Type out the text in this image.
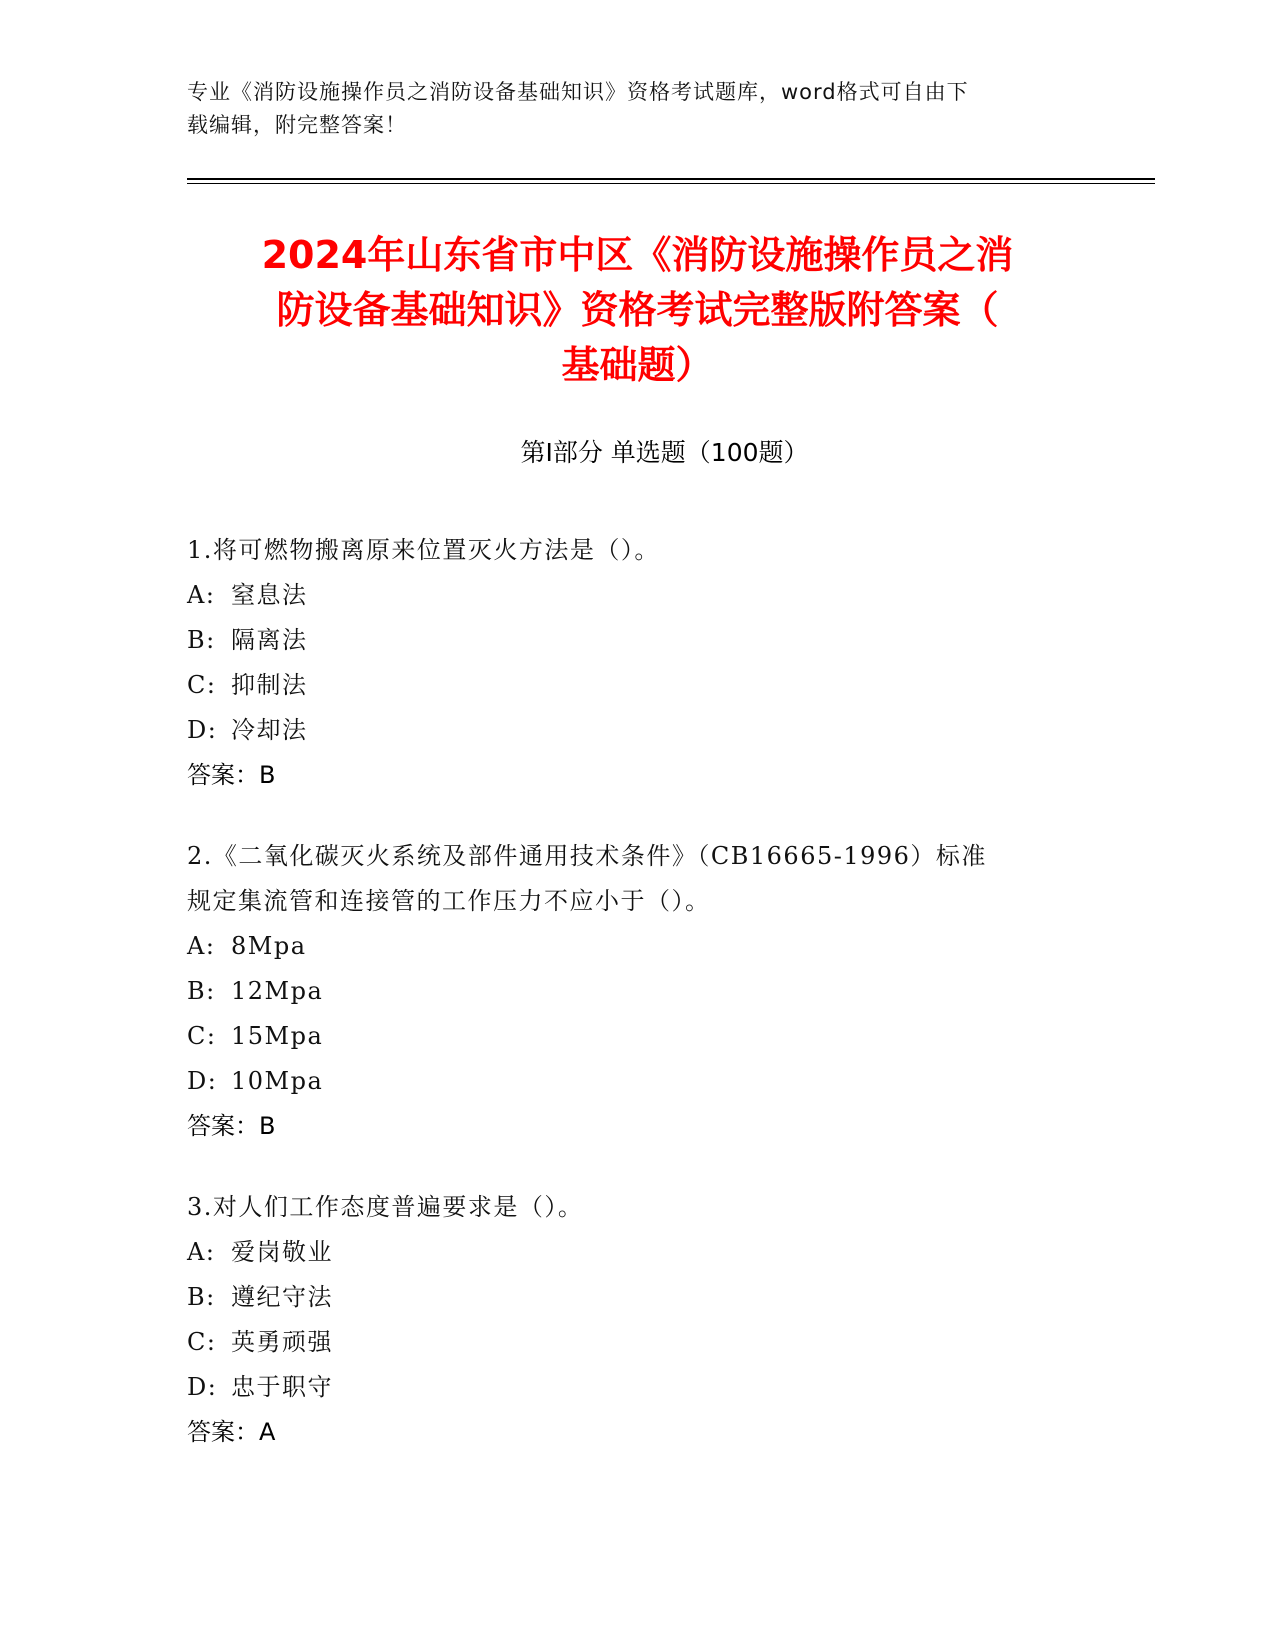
专业《消防设施操作员之消防设备基础知识》资格考试题库，word格式可自由下
载编辑，附完整答案！
2024年山东省市中区《消防设施操作员之消
防设备基础知识》资格考试完整版附答案（
基础题）
第Ⅰ部分 单选题（100题）
1.将可燃物搬离原来位置灭火方法是（）。
A: 窒息法
B: 隔离法
C: 抑制法
D: 冷却法
答案：B
2.《二氧化碳灭火系统及部件通用技术条件》（CB16665-1996）标准
规定集流管和连接管的工作压力不应小于（）。
A: 8Mpa
B: 12Mpa
C: 15Mpa
D: 10Mpa
答案：B
3.对人们工作态度普遍要求是（）。
A: 爱岗敬业
B: 遵纪守法
C: 英勇顽强
D: 忠于职守
答案：A
